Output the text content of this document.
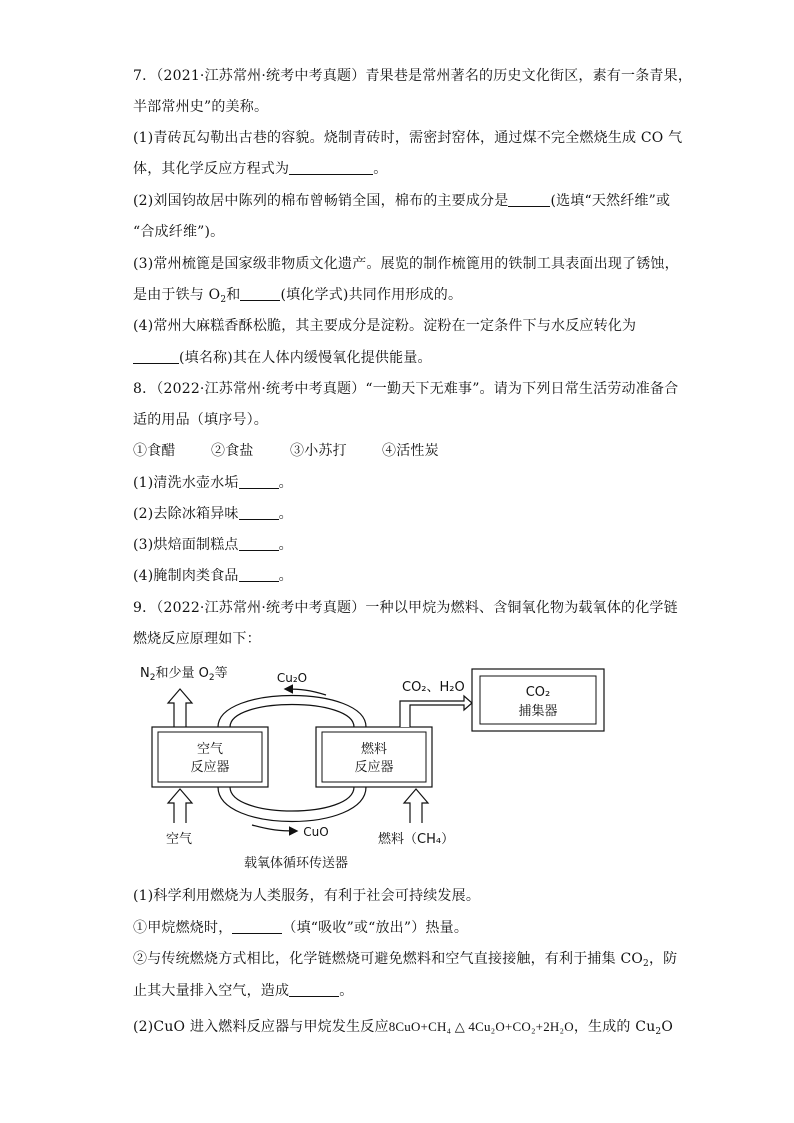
7．（2021·江苏常州·统考中考真题）青果巷是常州著名的历史文化街区，素有一条青果，
半部常州史”的美称。
(1)青砖瓦勾勒出古巷的容貌。烧制青砖时，需密封窑体，通过煤不完全燃烧生成 CO 气
体，其化学反应方程式为	。
(2)刘国钧故居中陈列的棉布曾畅销全国，棉布的主要成分是	(选填“天然纤维”或
“合成纤维”)。
(3)常州梳篦是国家级非物质文化遗产。展览的制作梳篦用的铁制工具表面出现了锈蚀，
是由于铁与 $O_2$和	(填化学式)共同作用形成的。
(4)常州大麻糕香酥松脆，其主要成分是淀粉。淀粉在一定条件下与水反应转化为
(填名称)其在人体内缓慢氧化提供能量。
8．（2022·江苏常州·统考中考真题）“一勤天下无难事”。请为下列日常生活劳动准备合
适的用品（填序号）。
①食醋	②食盐	③小苏打	④活性炭
(1)清洗水壶水垢	。
(2)去除冰箱异味	。
(3)烘焙面制糕点	。
(4)腌制肉类食品	。
9．（2022·江苏常州·统考中考真题）一种以甲烷为燃料、含铜氧化物为载氧体的化学链
燃烧反应原理如下：
$N_2$和少量 $O_2$等
空气
反应器
空气
燃料
反应器
燃料（CH₄）
Cu₂O
CuO
CO₂、H₂O	CO₂
捕集器
载氧体循环传送器
(1)科学利用燃烧为人类服务，有利于社会可持续发展。
①甲烷燃烧时，	（填“吸收”或“放出”）热量。
②与传统燃烧方式相比，化学链燃烧可避免燃料和空气直接接触，有利于捕集 $CO_2$，防
止其大量排入空气，造成	。
(2)CuO 进入燃料反应器与甲烷发生反应8CuO+CH₄ △ 4Cu₂O+CO₂+2H₂O，生成的 $Cu_2O$
